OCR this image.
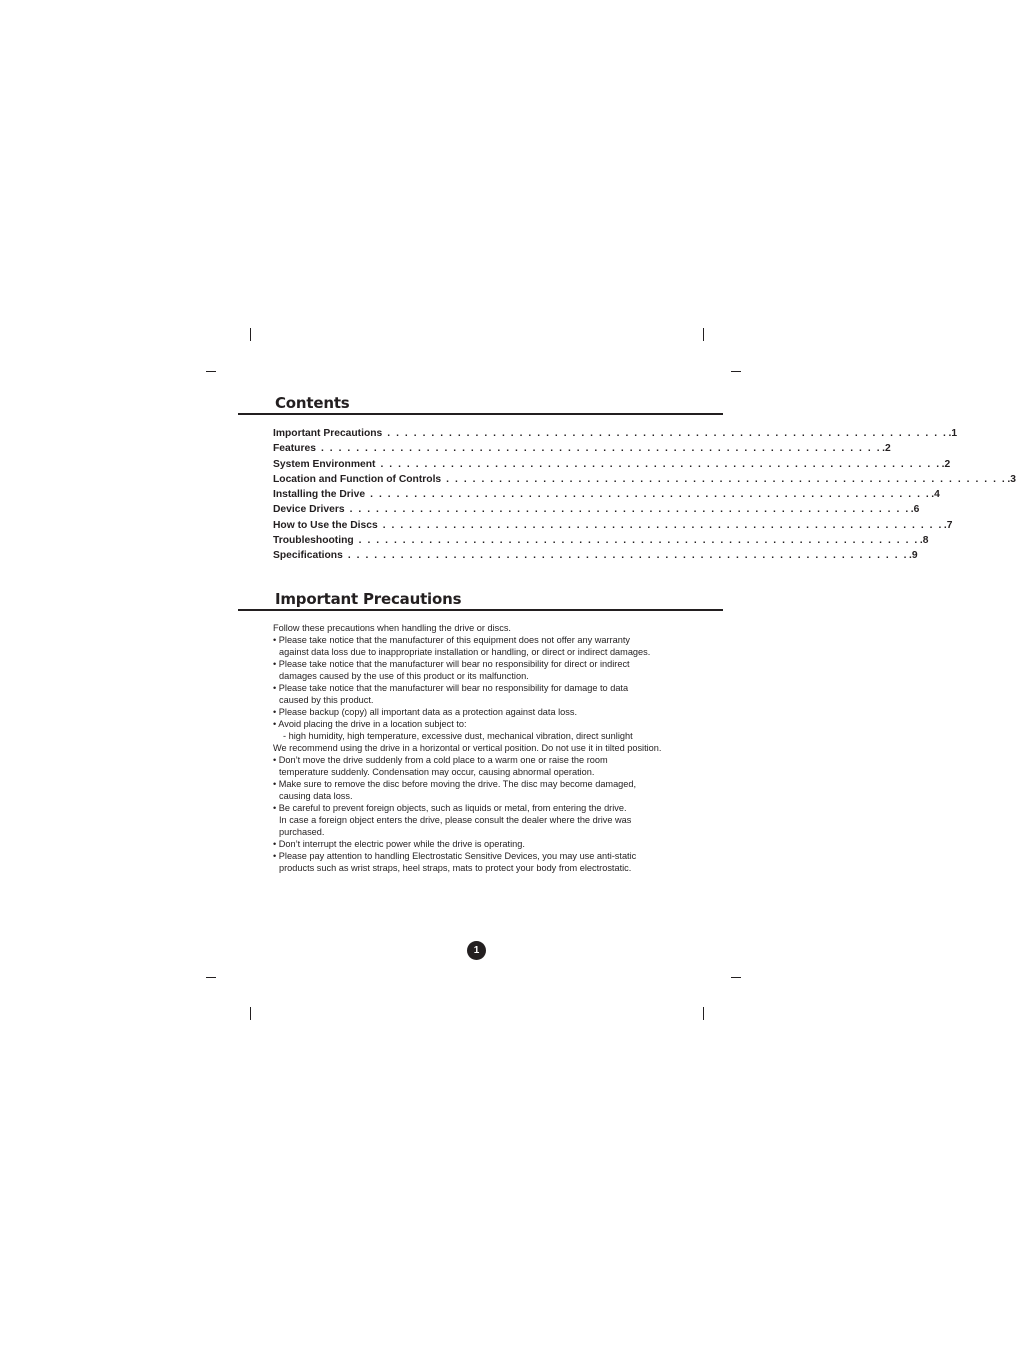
Contents
Important Precautions . . . . . . . . . . . . . . . . . . . . . . . . . . . . . . . . . . . . . . . . . . . . . . . . . . . . . . . . . . . . . . . . .1
Features . . . . . . . . . . . . . . . . . . . . . . . . . . . . . . . . . . . . . . . . . . . . . . . . . . . . . . . . . . . . . . . . .2
System Environment . . . . . . . . . . . . . . . . . . . . . . . . . . . . . . . . . . . . . . . . . . . . . . . . . . . . . . . . . . . . . . . . .2
Location and Function of Controls . . . . . . . . . . . . . . . . . . . . . . . . . . . . . . . . . . . . . . . . . . . . . . . . . . . . . . . . . . . . . . . . .3
Installing the Drive . . . . . . . . . . . . . . . . . . . . . . . . . . . . . . . . . . . . . . . . . . . . . . . . . . . . . . . . . . . . . . . . .4
Device Drivers . . . . . . . . . . . . . . . . . . . . . . . . . . . . . . . . . . . . . . . . . . . . . . . . . . . . . . . . . . . . . . . . .6
How to Use the Discs . . . . . . . . . . . . . . . . . . . . . . . . . . . . . . . . . . . . . . . . . . . . . . . . . . . . . . . . . . . . . . . . .7
Troubleshooting . . . . . . . . . . . . . . . . . . . . . . . . . . . . . . . . . . . . . . . . . . . . . . . . . . . . . . . . . . . . . . . . .8
Specifications . . . . . . . . . . . . . . . . . . . . . . . . . . . . . . . . . . . . . . . . . . . . . . . . . . . . . . . . . . . . . . . . .9
Important Precautions

Follow these precautions when handling the drive or discs.

• Please take notice that the manufacturer of this equipment does not offer any warranty
against data loss due to inappropriate installation or handling, or direct or indirect damages.
• Please take notice that the manufacturer will bear no responsibility for direct or indirect
damages caused by the use of this product or its malfunction.
• Please take notice that the manufacturer will bear no responsibility for damage to data
caused by this product.
• Please backup (copy) all important data as a protection against data loss.
• Avoid placing the drive in a location subject to:
- high humidity, high temperature, excessive dust, mechanical vibration, direct sunlight

We recommend using the drive in a horizontal or vertical position. Do not use it in tilted position.

• Don’t move the drive suddenly from a cold place to a warm one or raise the room
temperature suddenly. Condensation may occur, causing abnormal operation.
• Make sure to remove the disc before moving the drive. The disc may become damaged,
causing data loss.
• Be careful to prevent foreign objects, such as liquids or metal, from entering the drive.
In case a foreign object enters the drive, please consult the dealer where the drive was
purchased.
• Don’t interrupt the electric power while the drive is operating.
• Please pay attention to handling Electrostatic Sensitive Devices, you may use anti-static
products such as wrist straps, heel straps, mats to protect your body from electrostatic.
1
